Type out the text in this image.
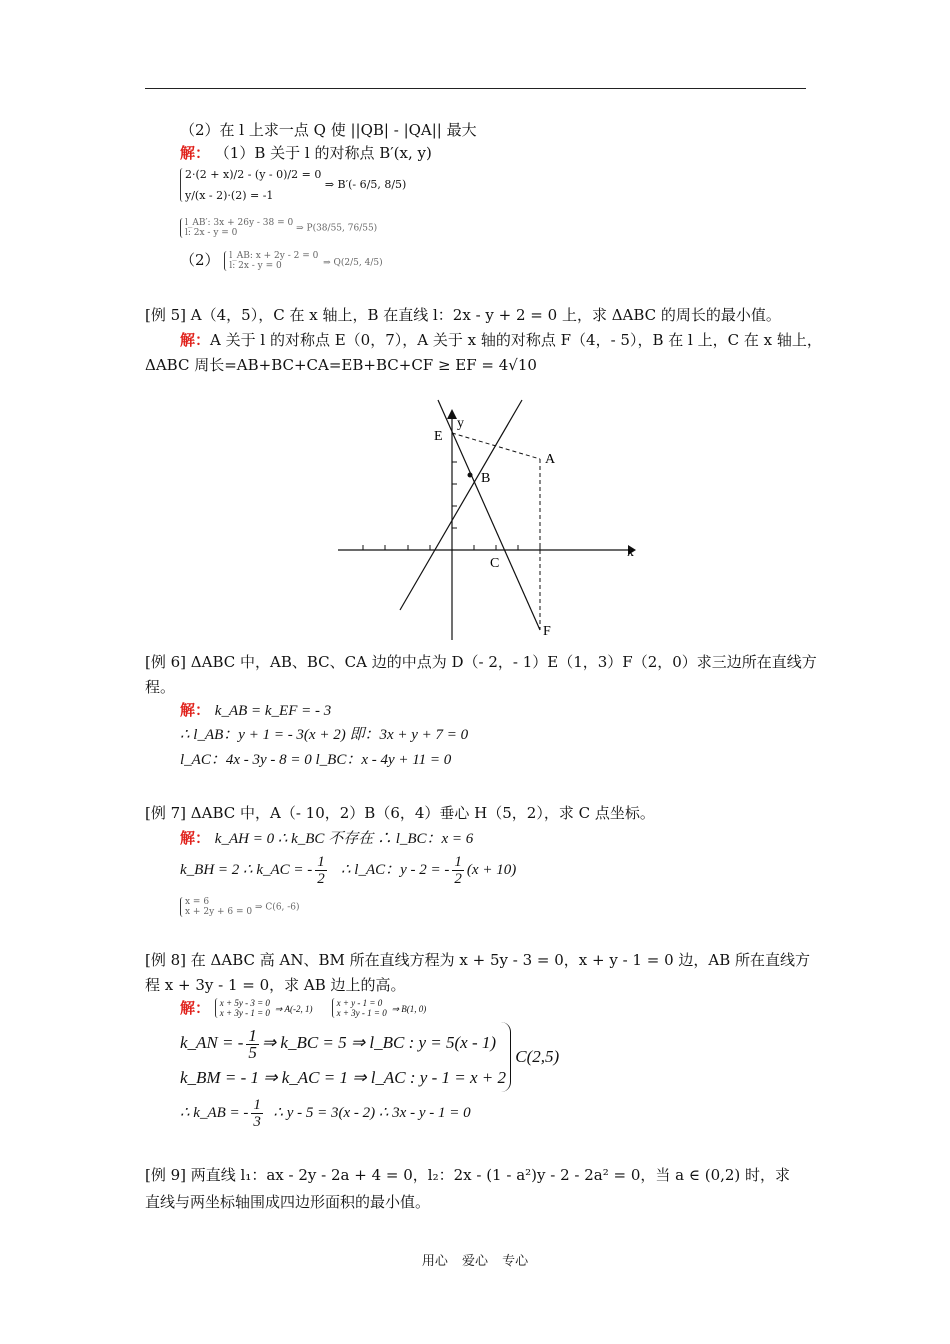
（2）在 l 上求一点 Q 使 ||QB| - |QA|| 最大
解： （1）B 关于 l 的对称点 B′(x, y)
2·(2 + x)/2 - (y - 0)/2 = 0
y/(x - 2)·(2) = -1
⇒ B′(- 6/5, 8/5)
l_AB′: 3x + 26y - 38 = 0
l: 2x - y = 0	⇒ P(38/55, 76/55)
（2） l_AB: x + 2y - 2 = 0
l: 2x - y = 0	⇒ Q(2/5, 4/5)
[例 5] A（4，5），C 在 x 轴上，B 在直线 l：2x - y + 2 = 0 上，求 ΔABC 的周长的最小值。
解：A 关于 l 的对称点 E（0，7），A 关于 x 轴的对称点 F（4，- 5），B 在 l 上，C 在 x 轴上，
ΔABC 周长=AB+BC+CA=EB+BC+CF ≥ EF = 4√10
E
y
A
B
C
x
F
[例 6] ΔABC 中，AB、BC、CA 边的中点为 D（- 2，- 1）E（1，3）F（2，0）求三边所在直线方
程。
解： k_AB = k_EF = - 3
∴ l_AB：y + 1 = - 3(x + 2) 即：3x + y + 7 = 0
l_AC：4x - 3y - 8 = 0 l_BC：x - 4y + 11 = 0
[例 7] ΔABC 中，A（- 10，2）B（6，4）垂心 H（5，2），求 C 点坐标。
解： k_AH = 0 ∴ k_BC 不存在 ∴ l_BC：x = 6
k_BH = 2 ∴ k_AC = - $\frac{1}{2}$ ∴ l_AC：y - 2 = - $\frac{1}{2} (x + 10)$
x = 6
x + 2y + 6 = 0 ⇒ C(6, -6)
[例 8] 在 ΔABC 高 AN、BM 所在直线方程为 x + 5y - 3 = 0，x + y - 1 = 0 边，AB 所在直线方
程 x + 3y - 1 = 0，求 AB 边上的高。
解： x + 5y - 3 = 0
x + 3y - 1 = 0 ⇒ A(-2, 1)
x + y - 1 = 0
x + 3y - 1 = 0 ⇒ B(1, 0)
k_AN = - $\frac{1}{5}$ ⇒ k_BC = 5 ⇒ l_BC : y = 5(x - 1)
k_BM = - 1 ⇒ k_AC = 1 ⇒ l_AC : y - 1 = x + 2
C(2,5)
∴ k_AB = - $\frac{1}{3}$ ∴ y - 5 = 3(x - 2) ∴ 3x - y - 1 = 0
[例 9] 两直线 l₁：ax - 2y - 2a + 4 = 0，l₂：2x - (1 - a²)y - 2 - 2a² = 0，当 a ∈ (0,2) 时，求
直线与两坐标轴围成四边形面积的最小值。
用心 爱心 专心
